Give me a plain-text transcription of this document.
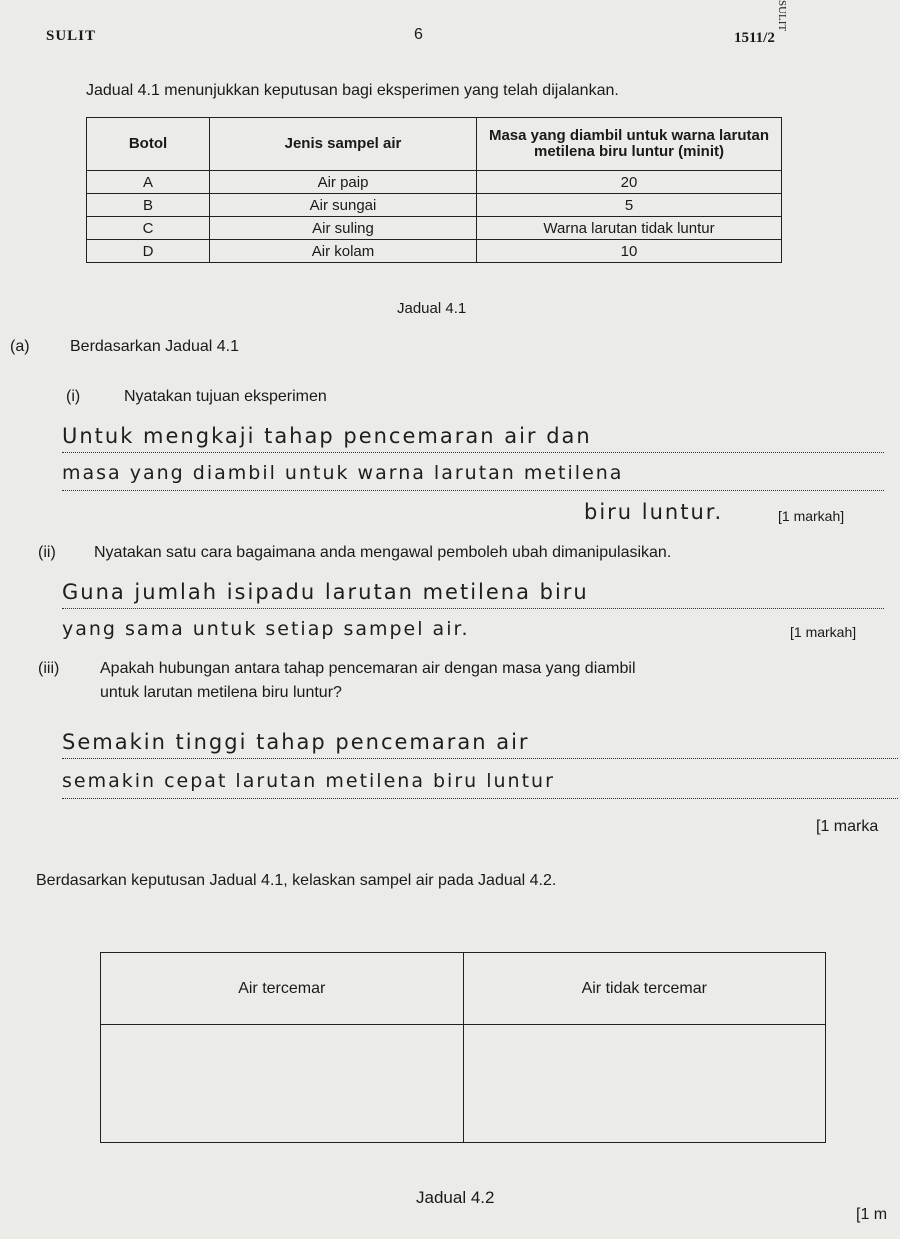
SULIT	6	1511/2
SULIT
Jadual 4.1 menunjukkan keputusan bagi eksperimen yang telah dijalankan.
Botol	Jenis sampel air	Masa yang diambil untuk warna larutan metilena biru luntur (minit)
A	Air paip	20
B	Air sungai	5
C	Air suling	Warna larutan tidak luntur
D	Air kolam	10
Jadual 4.1
(a)	Berdasarkan Jadual 4.1
(i)	Nyatakan tujuan eksperimen
Untuk mengkaji tahap pencemaran air dan
masa yang diambil untuk warna larutan metilena
biru luntur.	[1 markah]
(ii) Nyatakan satu cara bagaimana anda mengawal pemboleh ubah dimanipulasikan.
Guna jumlah isipadu larutan metilena biru
yang sama untuk setiap sampel air.	[1 markah]
(iii)	Apakah hubungan antara tahap pencemaran air dengan masa yang diambil
untuk larutan metilena biru luntur?
Semakin tinggi tahap pencemaran air
semakin cepat larutan metilena biru luntur
[1 marka
Berdasarkan keputusan Jadual 4.1, kelaskan sampel air pada Jadual 4.2.
Air tercemar	Air tidak tercemar

Jadual 4.2
[1 m
